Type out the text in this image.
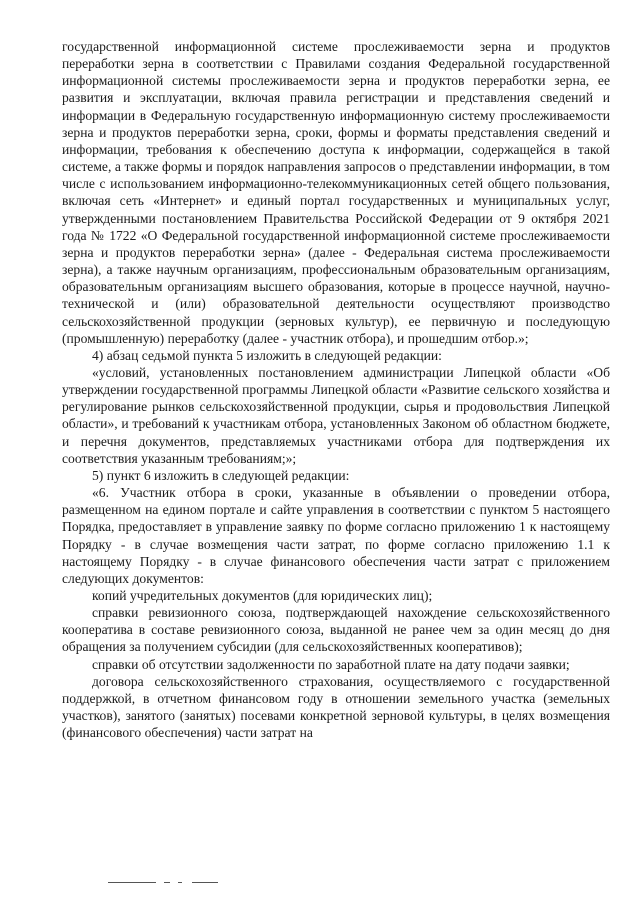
государственной информационной системе прослеживаемости зерна и продуктов переработки зерна в соответствии с Правилами создания Федеральной государственной информационной системы прослеживаемости зерна и продуктов переработки зерна, ее развития и эксплуатации, включая правила регистрации и представления сведений и информации в Федеральную государственную информационную систему прослеживаемости зерна и продуктов переработки зерна, сроки, формы и форматы представления сведений и информации, требования к обеспечению доступа к информации, содержащейся в такой системе, а также формы и порядок направления запросов о представлении информации, в том числе с использованием информационно-телекоммуникационных сетей общего пользования, включая сеть «Интернет» и единый портал государственных и муниципальных услуг, утвержденными постановлением Правительства Российской Федерации от 9 октября 2021 года № 1722 «О Федеральной государственной информационной системе прослеживаемости зерна и продуктов переработки зерна» (далее - Федеральная система прослеживаемости зерна), а также научным организациям, профессиональным образовательным организациям, образовательным организациям высшего образования, которые в процессе научной, научно-технической и (или) образовательной деятельности осуществляют производство сельскохозяйственной продукции (зерновых культур), ее первичную и последующую (промышленную) переработку (далее - участник отбора), и прошедшим отбор.»;

4) абзац седьмой пункта 5 изложить в следующей редакции:

«условий, установленных постановлением администрации Липецкой области «Об утверждении государственной программы Липецкой области «Развитие сельского хозяйства и регулирование рынков сельскохозяйственной продукции, сырья и продовольствия Липецкой области», и требований к участникам отбора, установленных Законом об областном бюджете, и перечня документов, представляемых участниками отбора для подтверждения их соответствия указанным требованиям;»;

5) пункт 6 изложить в следующей редакции:

«6. Участник отбора в сроки, указанные в объявлении о проведении отбора, размещенном на едином портале и сайте управления в соответствии с пунктом 5 настоящего Порядка, предоставляет в управление заявку по форме согласно приложению 1 к настоящему Порядку - в случае возмещения части затрат, по форме согласно приложению 1.1 к настоящему Порядку - в случае финансового обеспечения части затрат с приложением следующих документов:

копий учредительных документов (для юридических лиц);

справки ревизионного союза, подтверждающей нахождение сельскохозяйственного кооператива в составе ревизионного союза, выданной не ранее чем за один месяц до дня обращения за получением субсидии (для сельскохозяйственных кооперативов);

справки об отсутствии задолженности по заработной плате на дату подачи заявки;

договора сельскохозяйственного страхования, осуществляемого с государственной поддержкой, в отчетном финансовом году в отношении земельного участка (земельных участков), занятого (занятых) посевами конкретной зерновой культуры, в целях возмещения (финансового обеспечения) части затрат на
